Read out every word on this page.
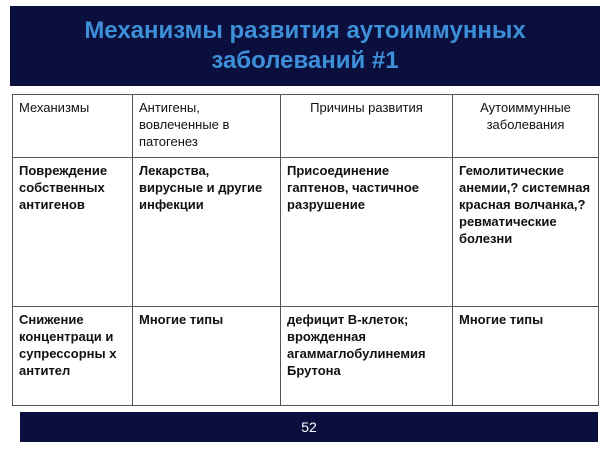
Механизмы развития аутоиммунных
заболеваний #1
Механизмы	Антигены, вовлеченные в патогенез	Причины развития	Аутоиммунные заболевания
Повреждение собственных антигенов	Лекарства, вирусные и другие инфекции	Присоединение гаптенов, частичное разрушение	Гемолитические анемии,? системная красная волчанка,? ревматические болезни
Снижение концентраци и супрессорны х антител	Многие типы	дефицит В-клеток; врожденная агаммаглобулинемия Брутона	Многие типы
52
